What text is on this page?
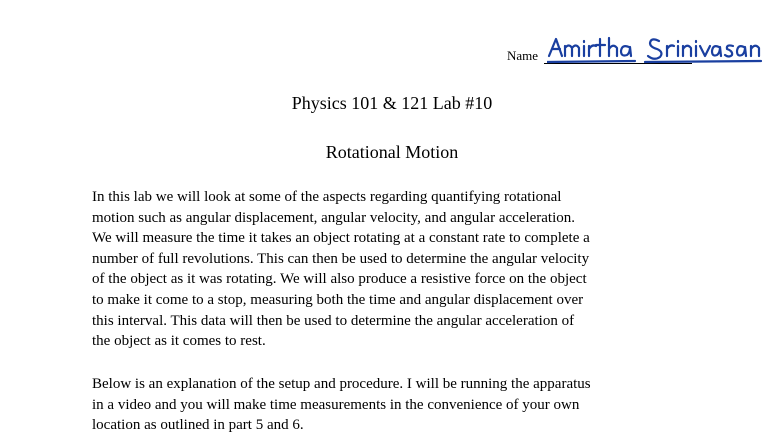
Name
Physics 101 & 121 Lab #10
Rotational Motion

In this lab we will look at some of the aspects regarding quantifying rotational
motion such as angular displacement, angular velocity, and angular acceleration.
We will measure the time it takes an object rotating at a constant rate to complete a
number of full revolutions. This can then be used to determine the angular velocity
of the object as it was rotating. We will also produce a resistive force on the object
to make it come to a stop, measuring both the time and angular displacement over
this interval. This data will then be used to determine the angular acceleration of
the object as it comes to rest.

Below is an explanation of the setup and procedure. I will be running the apparatus
in a video and you will make time measurements in the convenience of your own
location as outlined in part 5 and 6.
